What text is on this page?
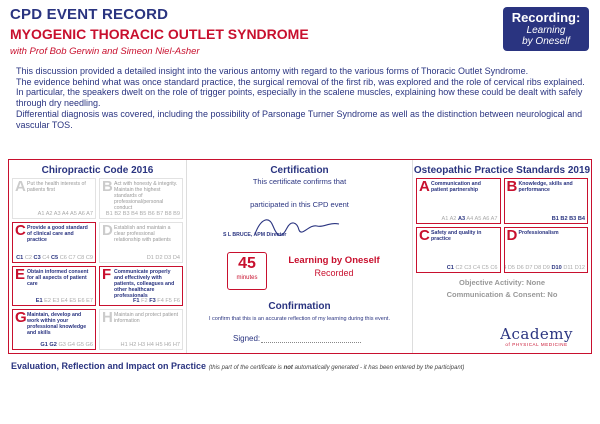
CPD EVENT RECORD
MYOGENIC THORACIC OUTLET SYNDROME
with Prof Bob Gerwin and Simeon Niel-Asher
Recording:
Learning
by Oneself

This discussion provided a detailed insight into the various antomy with regard to the various forms of Thoracic Outlet Syndrome.

The evidence behind what was once standard practice, the surgical removal of the first rib, was explored and the role of cervical ribs explained.

In particular, the speakers dwelt on the role of trigger points, especially in the scalene muscles, explaining how these could be dealt with safely through dry needling.

Differential diagnosis was covered, including the possibility of Parsonage Turner Syndrome as well as the distinction between neurological and vascular TOS.

Chiropractic Code 2016
A Put the health interests of patients first
A1 A2 A3 A4 A5 A6 A7
B Act with honesty & integrity. Maintain the highest standards of professional/personal conduct
B1 B2 B3 B4 B5 B6 B7 B8 B9
C Provide a good standard of clinical care and practice
C1 C2 C3 C4 C5 C6 C7 C8 C9
D Establish and maintain a clear professional relationship with patients
D1 D2 D3 D4
E Obtain informed consent for all aspects of patient care
E1 E2 E3 E4 E5 E6 E7
F Communicate properly and effectively with patients, colleagues and other healthcare professionals
F1 F2 F3 F4 F5 F6
G Maintain, develop and work within your professional knowledge and skills
G1 G2 G3 G4 G5 G6
H Maintain and protect patient information
H1 H2 H3 H4 H5 H6 H7
Certification
This certificate confirms that
participated in this CPD event
S L BRUCE, APM Director
45
minutes
Learning by Oneself
Recorded
Confirmation
I confirm that this is an accurate reflection of my learning during this event.
Signed:
Osteopathic Practice Standards 2019
A Communication and patient partnership
A1 A2 A3 A4 A5 A6 A7
B Knowledge, skills and performance
B1 B2 B3 B4
C Safety and quality in practice
C1 C2 C3 C4 C5 C6
D Professionalism
4 D5 D6 D7 D8 D9 D10 D11 D12
Objective Activity: None
Communication & Consent: No
Academy
of PHYSICAL MEDICINE
Evaluation, Reflection and Impact on Practice (this part of the certificate is not automatically generated - it has been entered by the participant)
